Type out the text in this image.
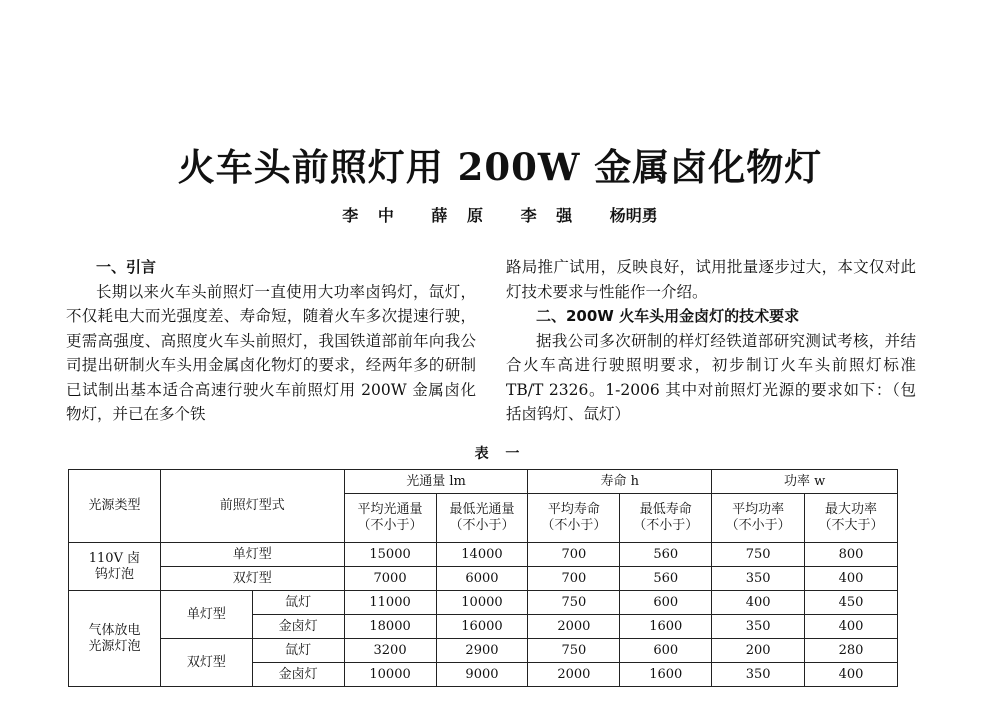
火车头前照灯用 200W 金属卤化物灯
李 中 薛 原 李 强 杨明勇

一、引言

长期以来火车头前照灯一直使用大功率卤钨灯，氙灯，不仅耗电大而光强度差、寿命短，随着火车多次提速行驶，更需高强度、高照度火车头前照灯，我国铁道部前年向我公司提出研制火车头用金属卤化物灯的要求，经两年多的研制已试制出基本适合高速行驶火车前照灯用 200W 金属卤化物灯，并已在多个铁

路局推广试用，反映良好，试用批量逐步过大，本文仅对此灯技术要求与性能作一介绍。

二、200W 火车头用金卤灯的技术要求

据我公司多次研制的样灯经铁道部研究测试考核，并结合火车高进行驶照明要求，初步制订火车头前照灯标准 TB/T 2326。1-2006 其中对前照灯光源的要求如下：（包括卤钨灯、氙灯）

表 一
光源类型	前照灯型式		光通量 lm		寿命 h		功率 w	
			平均光通量
（不小于）	最低光通量
（不小于）	平均寿命
（不小于）	最低寿命
（不小于）	平均功率
（不小于）	最大功率
（不大于）
110V 卤
钨灯泡	单灯型		15000	14000	700	560	750	800
	双灯型		7000	6000	700	560	350	400
气体放电
光源灯泡	单灯型	氙灯	11000	10000	750	600	400	450
		金卤灯	18000	16000	2000	1600	350	400
	双灯型	氙灯	3200	2900	750	600	200	280
		金卤灯	10000	9000	2000	1600	350	400
